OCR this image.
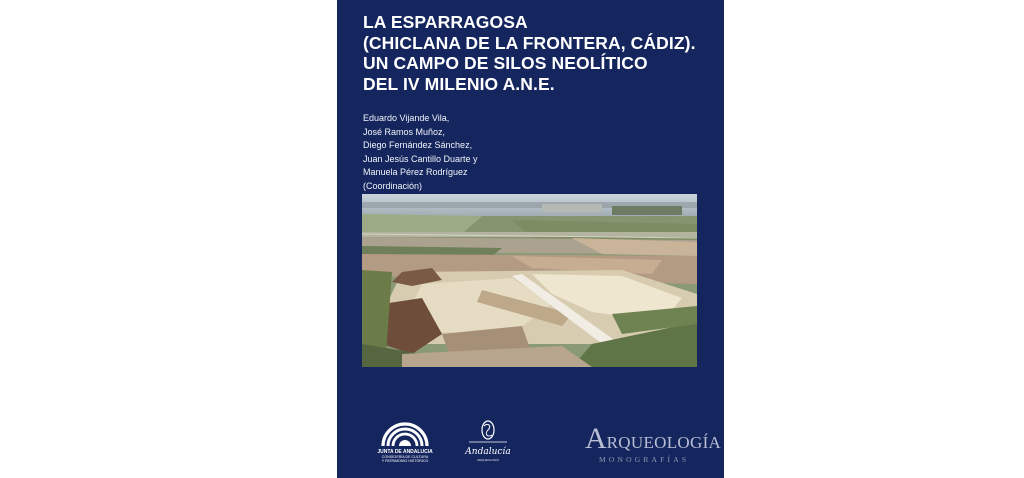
LA ESPARRAGOSA
(CHICLANA DE LA FRONTERA, CÁDIZ).
UN CAMPO DE SILOS NEOLÍTICO
DEL IV MILENIO A.N.E.
Eduardo Vijande Vila,
José Ramos Muñoz,
Diego Fernández Sánchez,
Juan Jesús Cantillo Duarte y
Manuela Pérez Rodríguez
(Coordinación)
JUNTA DE ANDALUCIA
CONSEJERÍA DE CULTURA
Y PATRIMONIO HISTÓRICO
Andalucía
ARQUEOLOGÍA
ARQUEOLOGÍA
MONOGRAFÍAS
